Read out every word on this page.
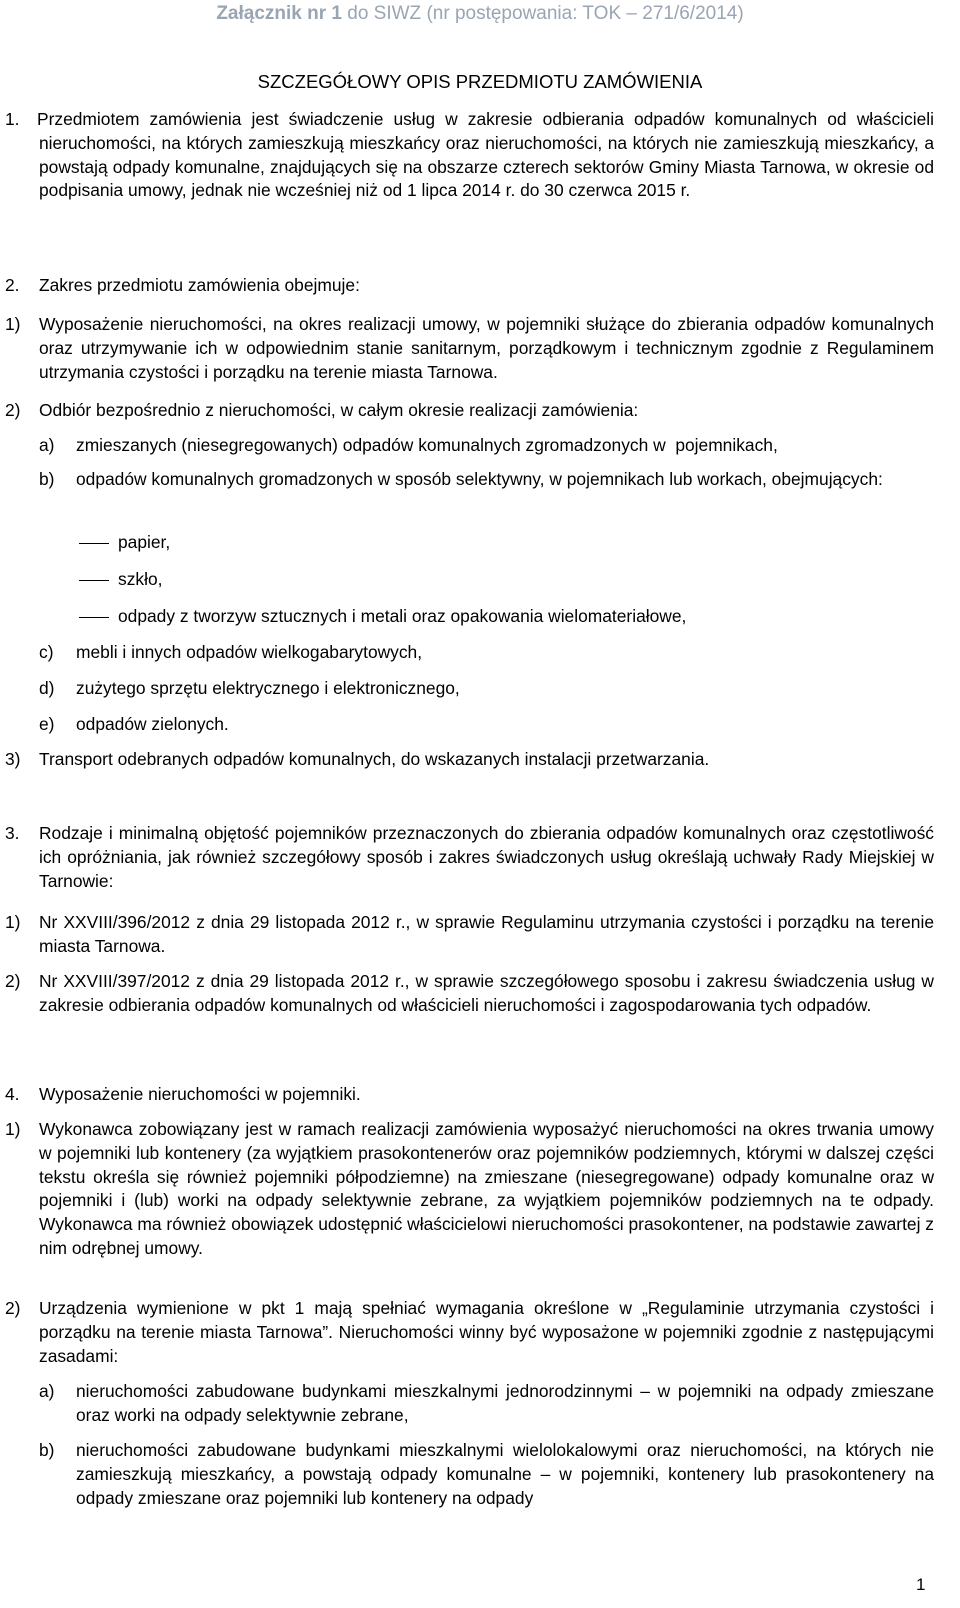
Załącznik nr 1 do SIWZ (nr postępowania: TOK – 271/6/2014)
SZCZEGÓŁOWY OPIS PRZEDMIOTU ZAMÓWIENIA
1. Przedmiotem zamówienia jest świadczenie usług w zakresie odbierania odpadów komunalnych od właścicieli nieruchomości, na których zamieszkują mieszkańcy oraz nieruchomości, na których nie zamieszkują mieszkańcy, a powstają odpady komunalne, znajdujących się na obszarze czterech sektorów Gminy Miasta Tarnowa, w okresie od podpisania umowy, jednak nie wcześniej niż od 1 lipca 2014 r. do 30 czerwca 2015 r.
2. Zakres przedmiotu zamówienia obejmuje:
1) Wyposażenie nieruchomości, na okres realizacji umowy, w pojemniki służące do zbierania odpadów komunalnych oraz utrzymywanie ich w odpowiednim stanie sanitarnym, porządkowym i technicznym zgodnie z Regulaminem utrzymania czystości i porządku na terenie miasta Tarnowa.
2) Odbiór bezpośrednio z nieruchomości, w całym okresie realizacji zamówienia:
a) zmieszanych (niesegregowanych) odpadów komunalnych zgromadzonych w  pojemnikach,
b) odpadów komunalnych gromadzonych w sposób selektywny, w pojemnikach lub workach, obejmujących:
papier,
szkło,
odpady z tworzyw sztucznych i metali oraz opakowania wielomateriałowe,
c) mebli i innych odpadów wielkogabarytowych,
d) zużytego sprzętu elektrycznego i elektronicznego,
e) odpadów zielonych.
3) Transport odebranych odpadów komunalnych, do wskazanych instalacji przetwarzania.
3. Rodzaje i minimalną objętość pojemników przeznaczonych do zbierania odpadów komunalnych oraz częstotliwość ich opróżniania, jak również szczegółowy sposób i zakres świadczonych usług określają uchwały Rady Miejskiej w Tarnowie:
1) Nr XXVIII/396/2012 z dnia 29 listopada 2012 r., w sprawie Regulaminu utrzymania czystości i porządku na terenie miasta Tarnowa.
2) Nr XXVIII/397/2012 z dnia 29 listopada 2012 r., w sprawie szczegółowego sposobu i zakresu świadczenia usług w zakresie odbierania odpadów komunalnych od właścicieli nieruchomości i zagospodarowania tych odpadów.
4. Wyposażenie nieruchomości w pojemniki.
1) Wykonawca zobowiązany jest w ramach realizacji zamówienia wyposażyć nieruchomości na okres trwania umowy w pojemniki lub kontenery (za wyjątkiem prasokontenerów oraz pojemników podziemnych, którymi w dalszej części tekstu określa się również pojemniki półpodziemne) na zmieszane (niesegregowane) odpady komunalne oraz w pojemniki i (lub) worki na odpady selektywnie zebrane, za wyjątkiem pojemników podziemnych na te odpady. Wykonawca ma również obowiązek udostępnić właścicielowi nieruchomości prasokontener, na podstawie zawartej z nim odrębnej umowy.
2) Urządzenia wymienione w pkt 1 mają spełniać wymagania określone w „Regulaminie utrzymania czystości i porządku na terenie miasta Tarnowa”. Nieruchomości winny być wyposażone w pojemniki zgodnie z następującymi zasadami:
a) nieruchomości zabudowane budynkami mieszkalnymi jednorodzinnymi – w pojemniki na odpady zmieszane oraz worki na odpady selektywnie zebrane,
b) nieruchomości zabudowane budynkami mieszkalnymi wielolokalowymi oraz nieruchomości, na których nie zamieszkują mieszkańcy, a powstają odpady komunalne – w pojemniki, kontenery lub prasokontenery na odpady zmieszane oraz pojemniki lub kontenery na odpady
1
